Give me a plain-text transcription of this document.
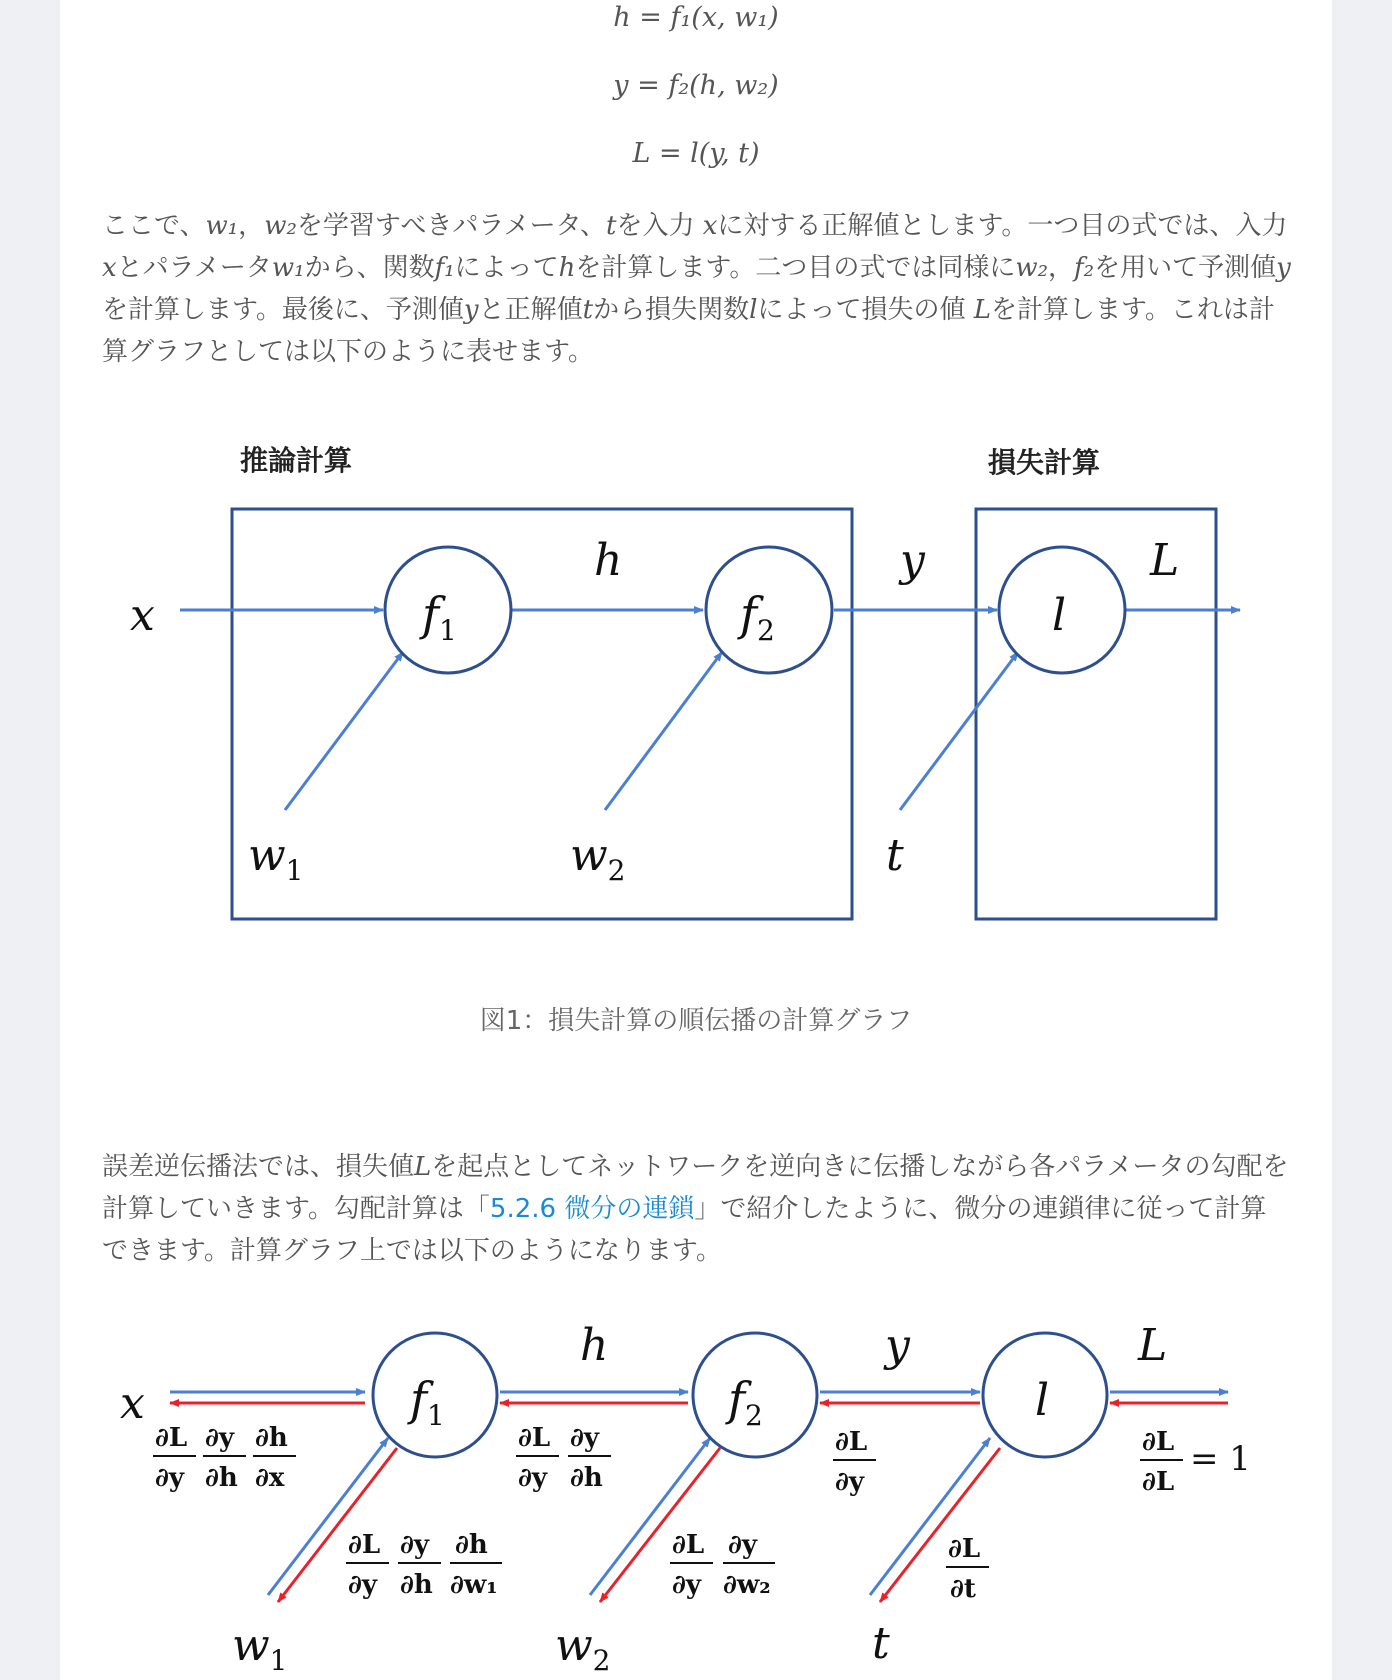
h = f₁(x, w₁)
y = f₂(h, w₂)
L = l(y, t)

ここで、w₁，w₂を学習すべきパラメータ、tを入力 xに対する正解値とします。一つ目の式では、入力xとパラメータw₁から、関数f₁によってhを計算します。二つ目の式では同様にw₂，f₂を用いて予測値yを計算します。最後に、予測値yと正解値tから損失関数lによって損失の値 Lを計算します。これは計算グラフとしては以下のように表せます。

推論計算	損失計算
x	$f_1$	$f_2$	l
h	y	L
$w_1$	$w_2$	t
図1：損失計算の順伝播の計算グラフ

誤差逆伝播法では、損失値Lを起点としてネットワークを逆向きに伝播しながら各パラメータの勾配を計算していきます。勾配計算は「5.2.6 微分の連鎖」で紹介したように、微分の連鎖律に従って計算できます。計算グラフ上では以下のようになります。

x	$f_1$	$f_2$	l
h	y	L
$w_1$	$w_2$	t
∂L
∂y
∂y
∂h
∂h
∂x
∂L
∂y
∂y
∂h
∂L
∂y
∂L
∂L
= 1
∂L
∂y
∂y
∂h
∂h
∂w₁
∂L
∂y
∂y
∂w₂
∂L
∂t
